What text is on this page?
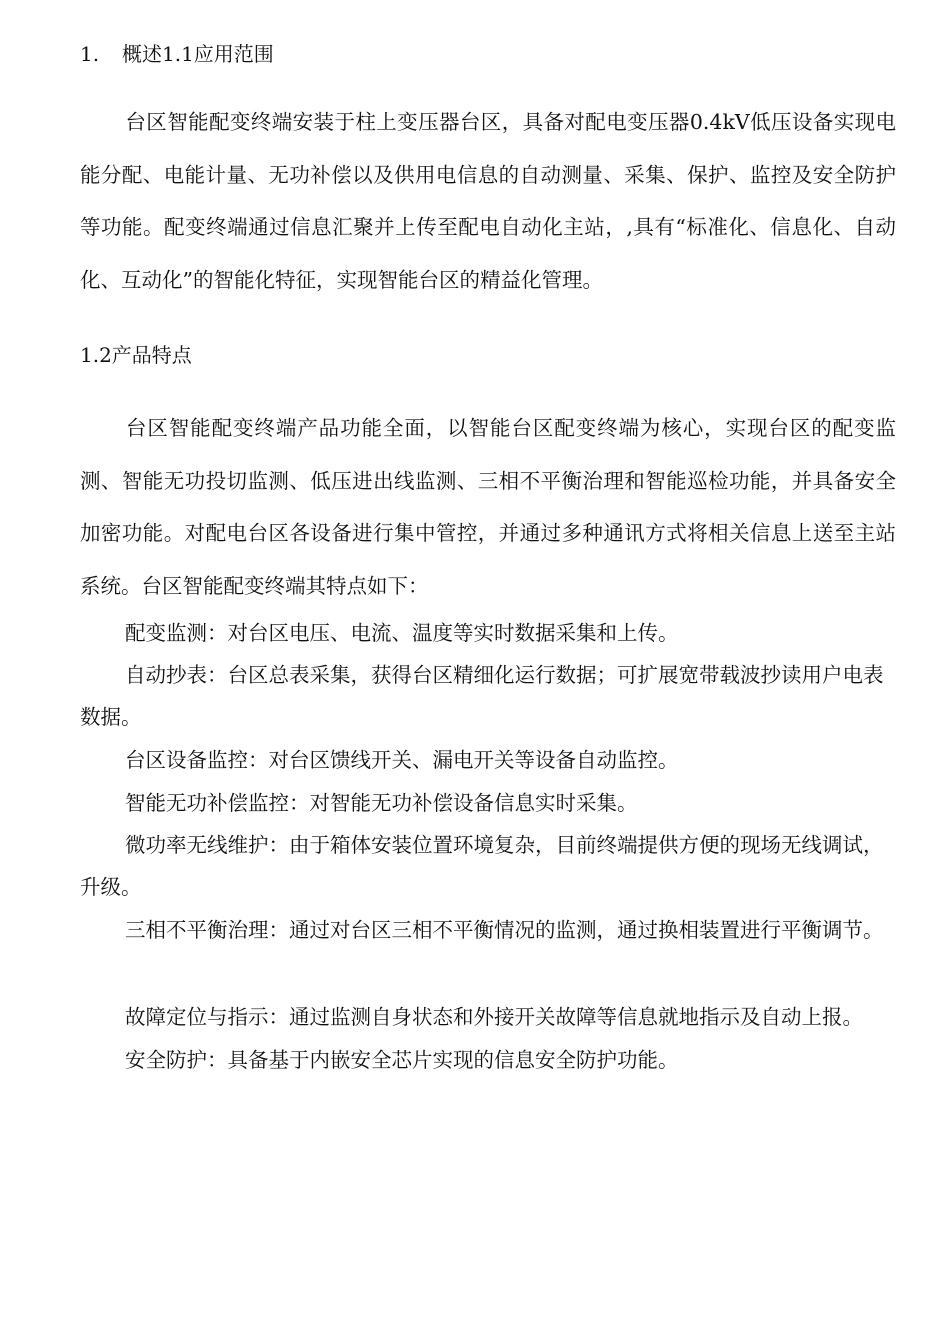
1. 概述1.1应用范围

台区智能配变终端安装于柱上变压器台区，具备对配电变压器0.4kV低压设备实现电能分配、电能计量、无功补偿以及供用电信息的自动测量、采集、保护、监控及安全防护等功能。配变终端通过信息汇聚并上传至配电自动化主站，,具有“标准化、信息化、自动化、互动化”的智能化特征，实现智能台区的精益化管理。

1.2产品特点

台区智能配变终端产品功能全面，以智能台区配变终端为核心，实现台区的配变监测、智能无功投切监测、低压进出线监测、三相不平衡治理和智能巡检功能，并具备安全加密功能。对配电台区各设备进行集中管控，并通过多种通讯方式将相关信息上送至主站系统。台区智能配变终端其特点如下：

配变监测：对台区电压、电流、温度等实时数据采集和上传。

自动抄表：台区总表采集，获得台区精细化运行数据；可扩展宽带载波抄读用户电表数据。

台区设备监控：对台区馈线开关、漏电开关等设备自动监控。

智能无功补偿监控：对智能无功补偿设备信息实时采集。

微功率无线维护：由于箱体安装位置环境复杂，目前终端提供方便的现场无线调试，升级。

三相不平衡治理：通过对台区三相不平衡情况的监测，通过换相装置进行平衡调节。

故障定位与指示：通过监测自身状态和外接开关故障等信息就地指示及自动上报。

安全防护：具备基于内嵌安全芯片实现的信息安全防护功能。
